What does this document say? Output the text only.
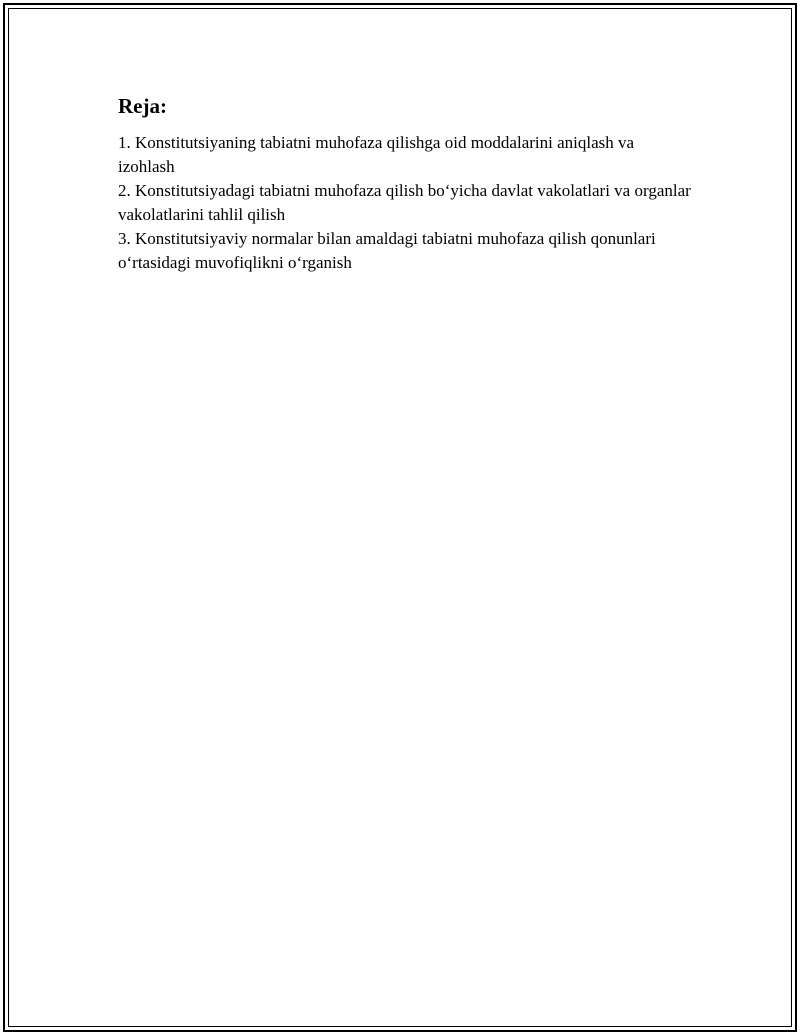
Reja:
1. Konstitutsiyaning tabiatni muhofaza qilishga oid moddalarini aniqlash va izohlash
2. Konstitutsiyadagi tabiatni muhofaza qilish bo‘yicha davlat vakolatlari va organlar vakolatlarini tahlil qilish
3. Konstitutsiyaviy normalar bilan amaldagi tabiatni muhofaza qilish qonunlari o‘rtasidagi muvofiqlikni o‘rganish
